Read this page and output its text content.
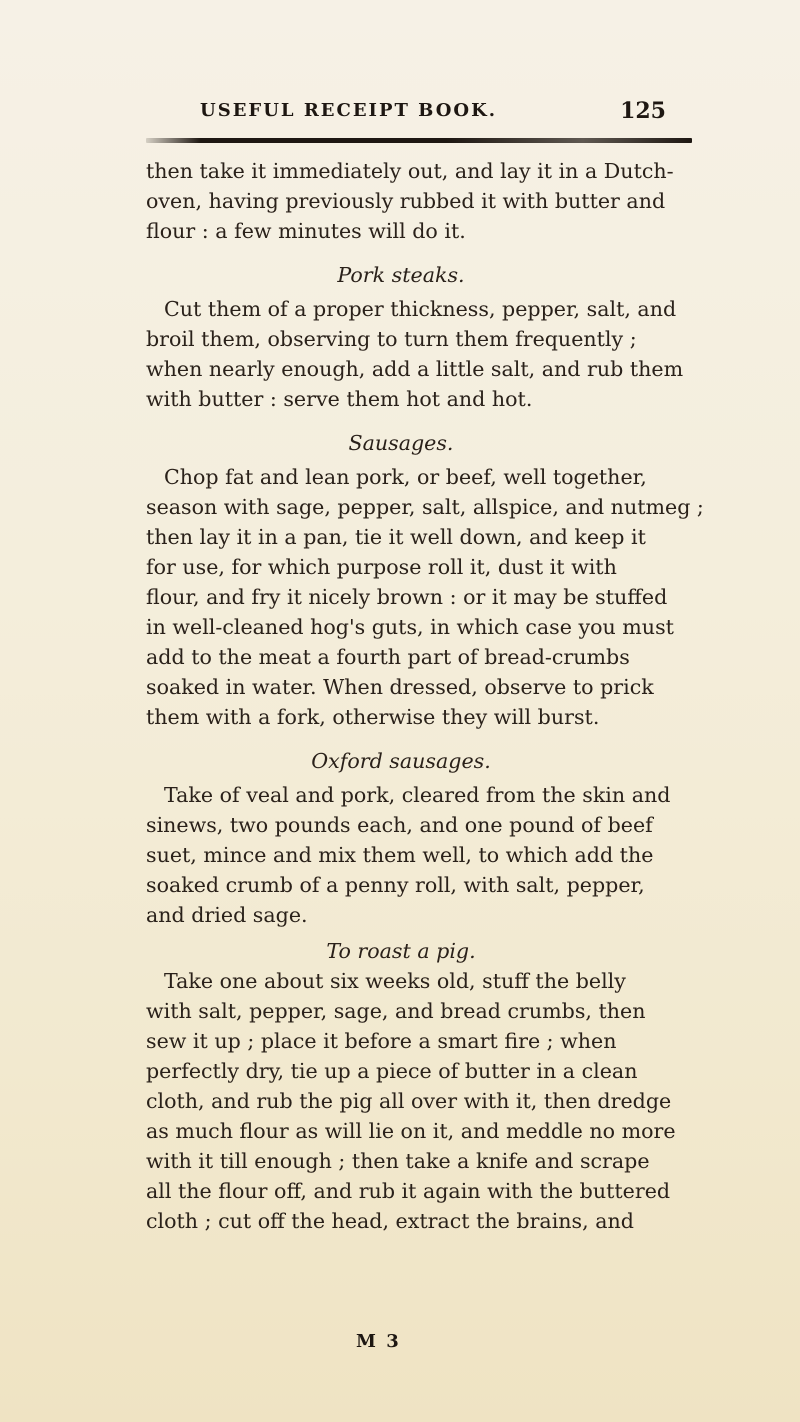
USEFUL RECEIPT BOOK.	125
then take it immediately out, and lay it in a Dutch-
oven, having previously rubbed it with butter and
flour : a few minutes will do it.
Pork steaks.
Cut them of a proper thickness, pepper, salt, and
broil them, observing to turn them frequently ;
when nearly enough, add a little salt, and rub them
with butter : serve them hot and hot.
Sausages.
Chop fat and lean pork, or beef, well together,
season with sage, pepper, salt, allspice, and nutmeg ;
then lay it in a pan, tie it well down, and keep it
for use, for which purpose roll it, dust it with
flour, and fry it nicely brown : or it may be stuffed
in well-cleaned hog's guts, in which case you must
add to the meat a fourth part of bread-crumbs
soaked in water. When dressed, observe to prick
them with a fork, otherwise they will burst.
Oxford sausages.
Take of veal and pork, cleared from the skin and
sinews, two pounds each, and one pound of beef
suet, mince and mix them well, to which add the
soaked crumb of a penny roll, with salt, pepper,
and dried sage.
To roast a pig.
Take one about six weeks old, stuff the belly
with salt, pepper, sage, and bread crumbs, then
sew it up ; place it before a smart fire ; when
perfectly dry, tie up a piece of butter in a clean
cloth, and rub the pig all over with it, then dredge
as much flour as will lie on it, and meddle no more
with it till enough ; then take a knife and scrape
all the flour off, and rub it again with the buttered
cloth ; cut off the head, extract the brains, and
M 3
